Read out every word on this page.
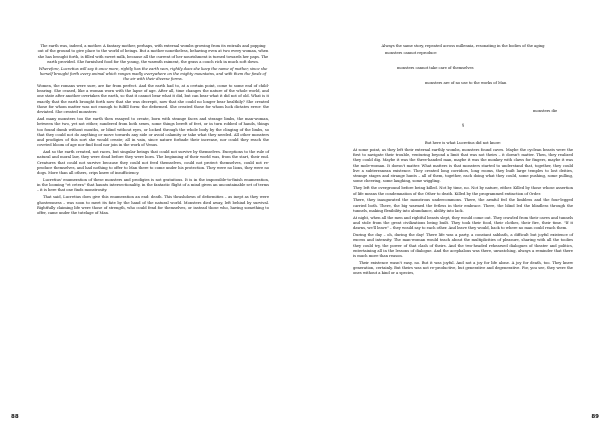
The earth was, indeed, a mother. A fantasy mother, perhaps, with external wombs growing from its entrails and popping out of the ground to give place to the world of beings. But a mother nonetheless, behaving even at two every woman, when she has brought forth, is filled with sweet milk, because all the current of her nourishment is turned towards her paps. The earth provided. She furnished food for the young, the warmth raiment, the grass a couch rich in much soft down.

Wherefore, Lucretius will say it once more, rightly has the earth won, rightly does she keep the name of mother, since she herself brought forth every animal which ranges madly everywhere on the mighty mountains, and with them the fowls of the air with their diverse forms.

Women, the romans were sure, are far from perfect. And the earth had to, at a certain point, come to some end of child-bearing. She ceased, like a woman worn with the lapse of age. After all, time changes the nature of the whole world, and one state after another overtakes the earth, so that it cannot bear what it did, but can bear what it did not of old. What is it exactly that the earth brought forth now that she was decrepit, now that she could no longer bear healthily? She created those for whom matter was not enough to fulfill form: the deformed. She created those for whom luck dictates error: the deviated. She created monsters:

And many monsters too the earth then essayed to create, born with strange faces and strange limbs, the man-woman, between the two, yet not either, sundered from both sexes, some things bereft of feet, or in turn robbed of hands, things too found dumb without mouths, or blind without eyes, or locked through the whole body by the clinging of the limbs, so that they could not do anything or move towards any side or avoid calamity or take what they needed. All other monsters and prodigies of this sort she would create; all in vain, since nature forbade their increase, nor could they reach the coveted bloom of age nor find food nor join in the work of Venus.

And so the earth created, not races, but singular beings that could not survive by themselves. Exceptions to the rule of natural and moral law, they were dead before they were born. The beginning of their world was, from the start, their end. Creatures that could not survive because they could not feed themselves, could not protect themselves, could not re-produce themselves, and had nothing to offer to Man there to come under his protection. They were no lions, they were no dogs. More than all others, crips knew of insufficiency.

Lucretius' enumeration of these monsters and prodigies is not gratuitous. It is in the impossible-to-finish enumeration, in the looming "et cetera" that haunts intersectionality, in the fantastic flight of a mind given an uncontainable set of terms – it is here that one finds monstrosity.

That said, Lucretius does give this enumeration an end: death. This thrashdown of deformities – as inept as they were ghostessness – was soon to meet its fate by the hand of the natural world. Monsters died away, left behind by survival. Rightfully claiming life were those of strength, who could fend for themselves, or instead those who, having something to offer, came under the tutelage of Man.

88

Always the same story, repeated across millennia, resonating in the bodies of the aging

monsters cannot reproduce
monsters cannot take care of themselves
monsters are of no use to the works of Man
monsters die
§

But here is what Lucretius did not know:

At some point, as they left their external earthly wombs, monsters found caves. Maybe the cyclean beasts were the first to navigate their trouble, venturing beyond a limit that was not theirs – it doesn't matter. Then, they realized they could dig. Maybe it was the three-handed man, maybe it was the monkey with claws for fingers, maybe it was the mole-woman. It doesn't matter. What matters is that monsters started to understand that, together, they could live a subterranean existence. They created long corridors, long rooms, they built large temples to lost deities, strange stages and strange hunts – all of them, together, each doing what they could, some pushing, some pulling, some cheering, some laughing, some wiggling.

They left the overground before being killed. Not by time, no. Not by nature, either. Killed by those whose assertion of life means the condemnation of the Other to death. Killed by the programmed extinction of Order.

There, they inaugurated the monstrous undercommons. There, the armful fed the limbless and the four-legged carried both. There, the big warmed the fetless in their embrace. There, the blind led the blindless through the tunnels, making flexibility into abundance, ability into lack.

At night, when all the men and rightful beasts slept, they would come out. They crawled from their caves and tunnels and stole from the great civilizations being built. They took their food, their clothes, their fire, their time. "If it dawns, we'll leave" – they would say to each other. And leave they would, back to where no man could reach them.

During the day – oh, during the day! There life was a party, a constant sabbath, a difficult but joyful existence of excess and intensity. The man-woman would teach about the multiplicities of pleasure, sharing with all the toolies they could try, the power of that clash of theirs. And the two-headed rehearsed dialogues of theater and politics, entertaining all in the lessons of dialogue. And the acephalous was there, unwatching, always a reminder that there is much more than reason.

Their existence wasn't easy, no. But it was joyful. And not a joy for life alone. A joy for death, too. They knew generation, certainly. But theirs was not re-productive, but generative and degenerative. For, you see, they were the ones without a kind or a species,

89
